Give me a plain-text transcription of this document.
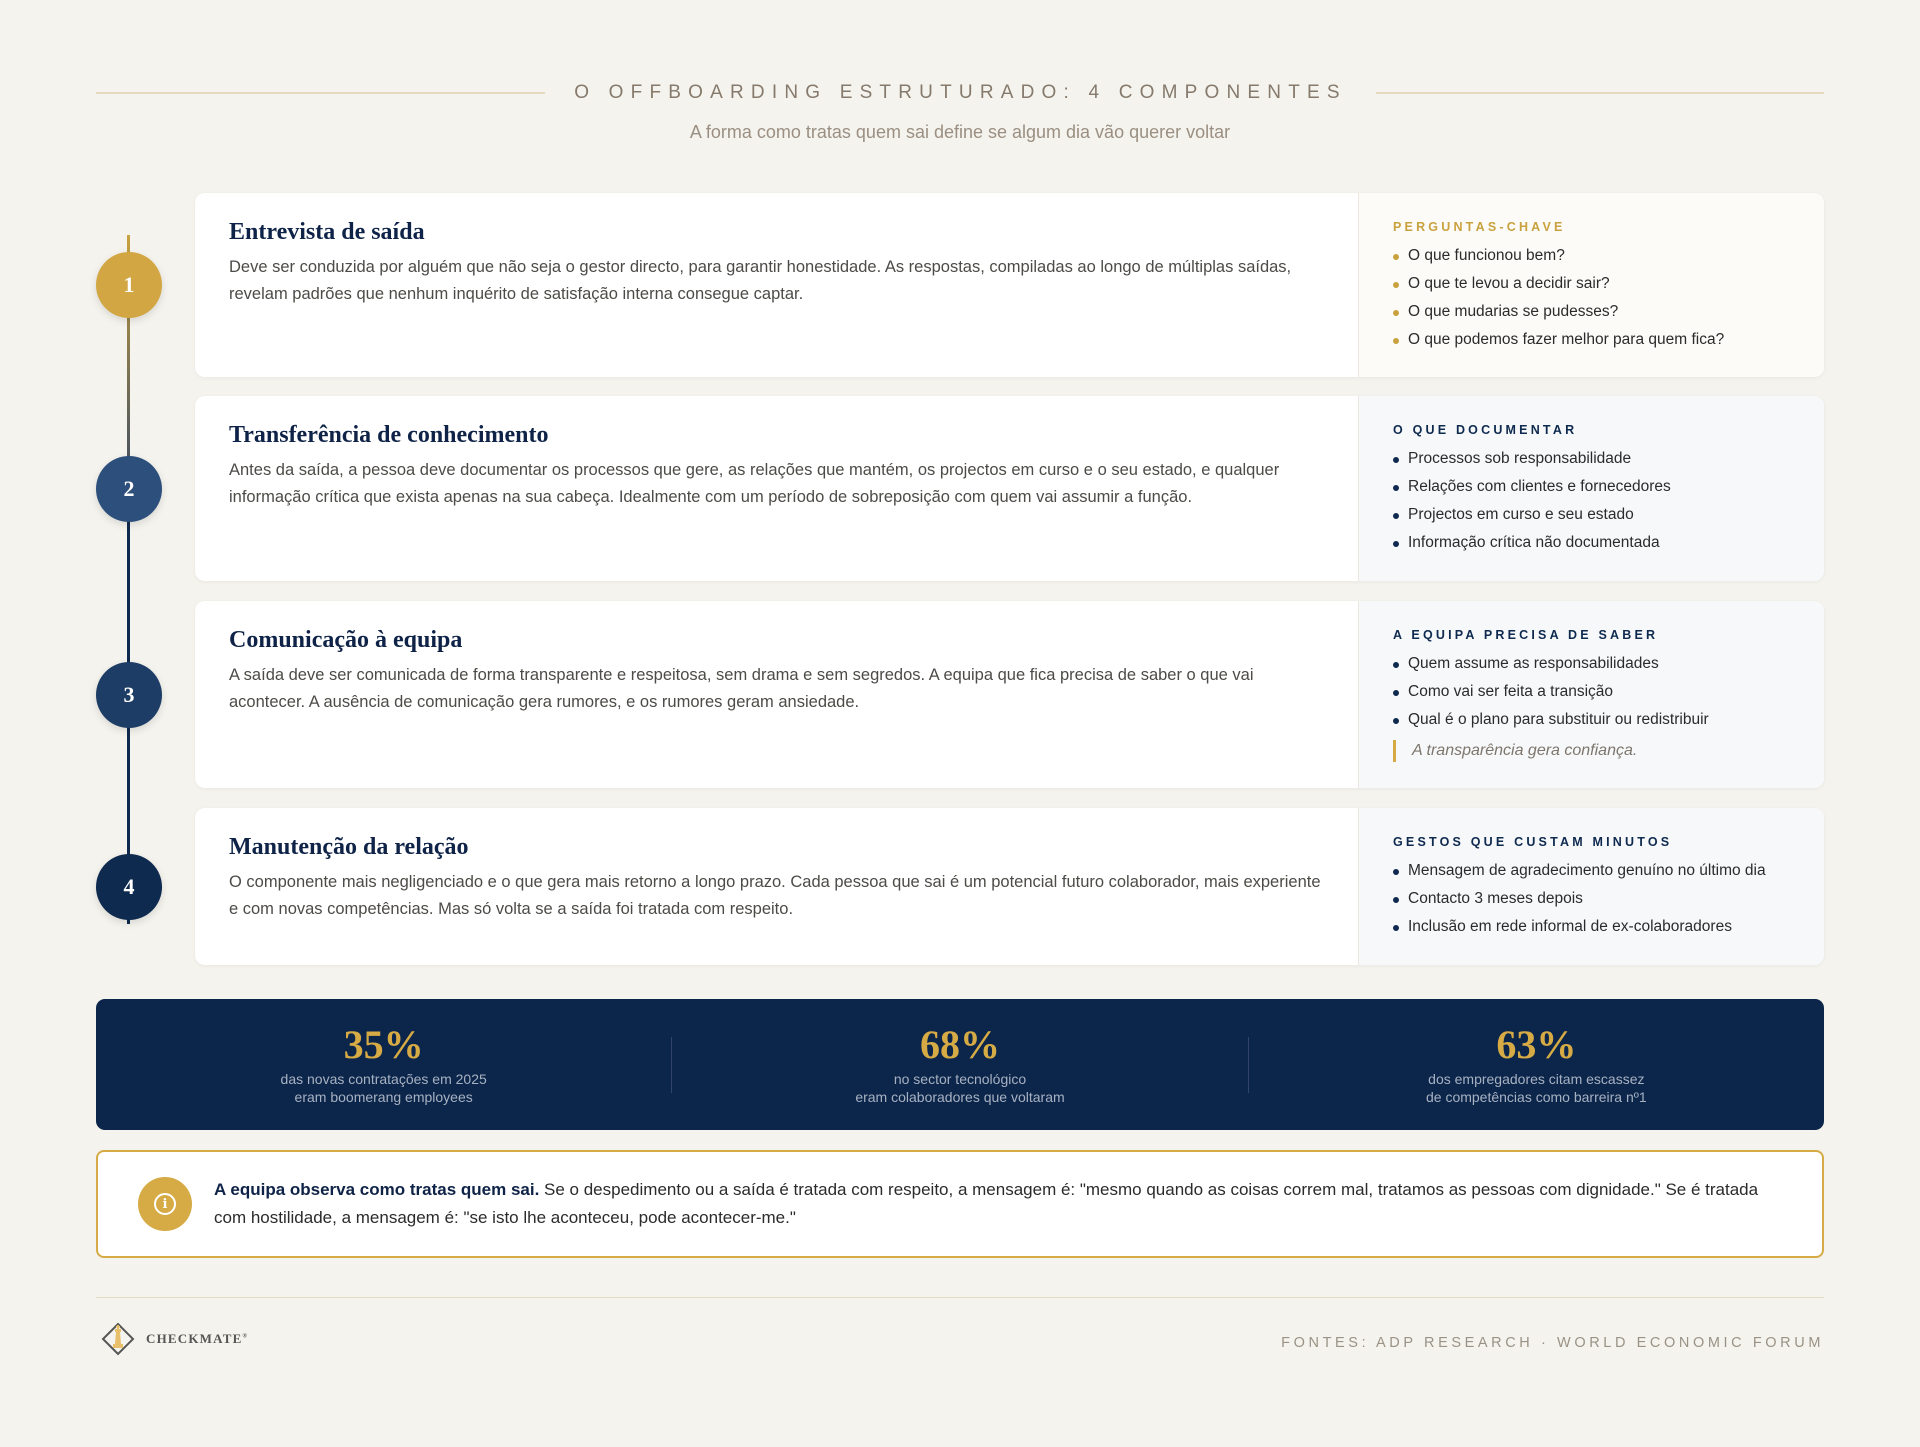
O OFFBOARDING ESTRUTURADO: 4 COMPONENTES
A forma como tratas quem sai define se algum dia vão querer voltar
1
2
3
4
Entrevista de saída
Deve ser conduzida por alguém que não seja o gestor directo, para garantir honestidade. As respostas, compiladas ao longo de múltiplas saídas, revelam padrões que nenhum inquérito de satisfação interna consegue captar.
PERGUNTAS-CHAVE
O que funcionou bem?
O que te levou a decidir sair?
O que mudarias se pudesses?
O que podemos fazer melhor para quem fica?
Transferência de conhecimento
Antes da saída, a pessoa deve documentar os processos que gere, as relações que mantém, os projectos em curso e o seu estado, e qualquer informação crítica que exista apenas na sua cabeça. Idealmente com um período de sobreposição com quem vai assumir a função.
O QUE DOCUMENTAR
Processos sob responsabilidade
Relações com clientes e fornecedores
Projectos em curso e seu estado
Informação crítica não documentada
Comunicação à equipa
A saída deve ser comunicada de forma transparente e respeitosa, sem drama e sem segredos. A equipa que fica precisa de saber o que vai acontecer. A ausência de comunicação gera rumores, e os rumores geram ansiedade.
A EQUIPA PRECISA DE SABER
Quem assume as responsabilidades
Como vai ser feita a transição
Qual é o plano para substituir ou redistribuir
A transparência gera confiança.
Manutenção da relação
O componente mais negligenciado e o que gera mais retorno a longo prazo. Cada pessoa que sai é um potencial futuro colaborador, mais experiente e com novas competências. Mas só volta se a saída foi tratada com respeito.
GESTOS QUE CUSTAM MINUTOS
Mensagem de agradecimento genuíno no último dia
Contacto 3 meses depois
Inclusão em rede informal de ex-colaboradores
35%
das novas contratações em 2025
eram boomerang employees
68%
no sector tecnológico
eram colaboradores que voltaram
63%
dos empregadores citam escassez
de competências como barreira nº1
i
A equipa observa como tratas quem sai. Se o despedimento ou a saída é tratada com respeito, a mensagem é: "mesmo quando as coisas correm mal, tratamos as pessoas com dignidade." Se é tratada com hostilidade, a mensagem é: "se isto lhe aconteceu, pode acontecer-me."
CHECKMATE®	FONTES: ADP RESEARCH · WORLD ECONOMIC FORUM
